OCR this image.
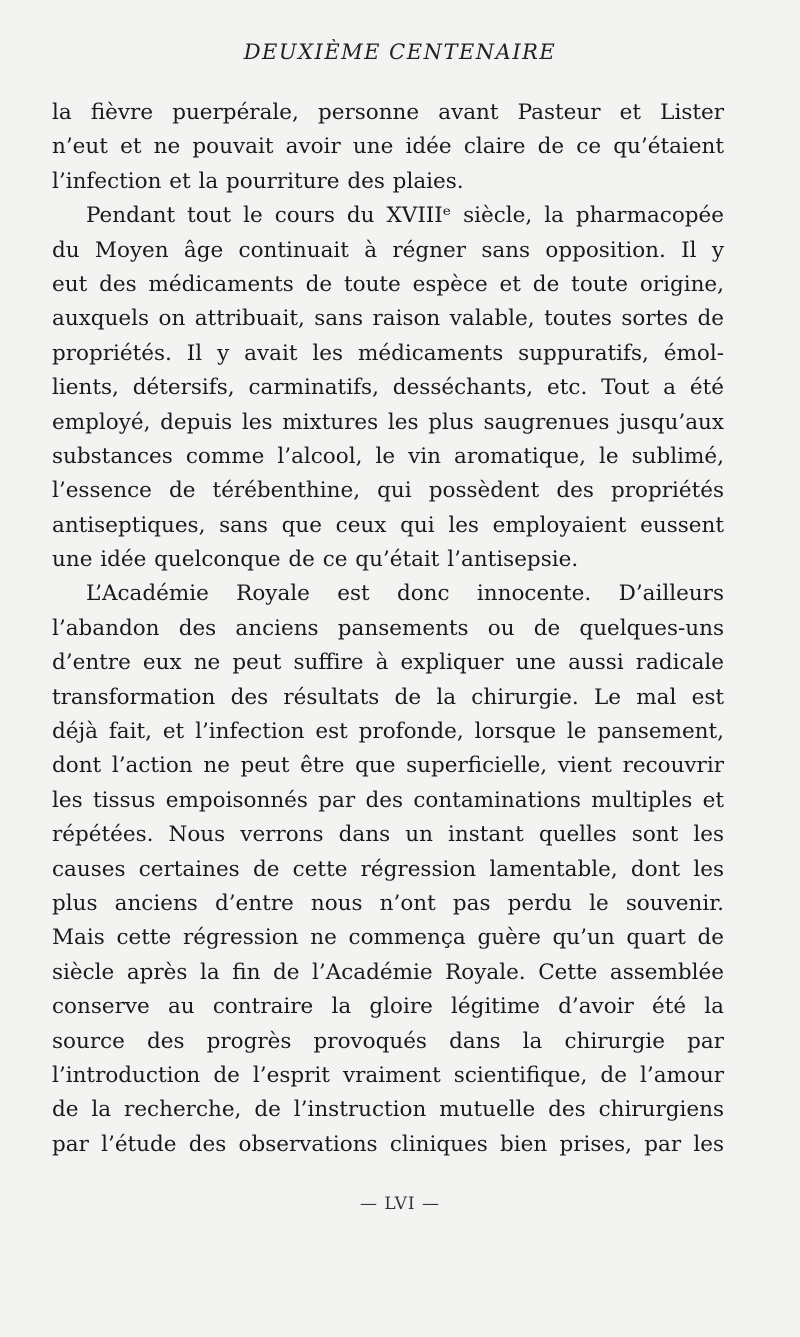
DEUXIÈME CENTENAIRE
la fièvre puerpérale, personne avant Pasteur et Lister
n’eut et ne pouvait avoir une idée claire de ce qu’étaient
l’infection et la pourriture des plaies.
Pendant tout le cours du XVIIIᵉ siècle, la pharmacopée
du Moyen âge continuait à régner sans opposition. Il y
eut des médicaments de toute espèce et de toute origine,
auxquels on attribuait, sans raison valable, toutes sortes de
propriétés. Il y avait les médicaments suppuratifs, émol-
lients, détersifs, carminatifs, desséchants, etc. Tout a été
employé, depuis les mixtures les plus saugrenues jusqu’aux
substances comme l’alcool, le vin aromatique, le sublimé,
l’essence de térébenthine, qui possèdent des propriétés
antiseptiques, sans que ceux qui les employaient eussent
une idée quelconque de ce qu’était l’antisepsie.
L’Académie Royale est donc innocente. D’ailleurs
l’abandon des anciens pansements ou de quelques-uns
d’entre eux ne peut suffire à expliquer une aussi radicale
transformation des résultats de la chirurgie. Le mal est
déjà fait, et l’infection est profonde, lorsque le pansement,
dont l’action ne peut être que superficielle, vient recouvrir
les tissus empoisonnés par des contaminations multiples et
répétées. Nous verrons dans un instant quelles sont les
causes certaines de cette régression lamentable, dont les
plus anciens d’entre nous n’ont pas perdu le souvenir.
Mais cette régression ne commença guère qu’un quart de
siècle après la fin de l’Académie Royale. Cette assemblée
conserve au contraire la gloire légitime d’avoir été la
source des progrès provoqués dans la chirurgie par
l’introduction de l’esprit vraiment scientifique, de l’amour
de la recherche, de l’instruction mutuelle des chirurgiens
par l’étude des observations cliniques bien prises, par les
— LVI —
